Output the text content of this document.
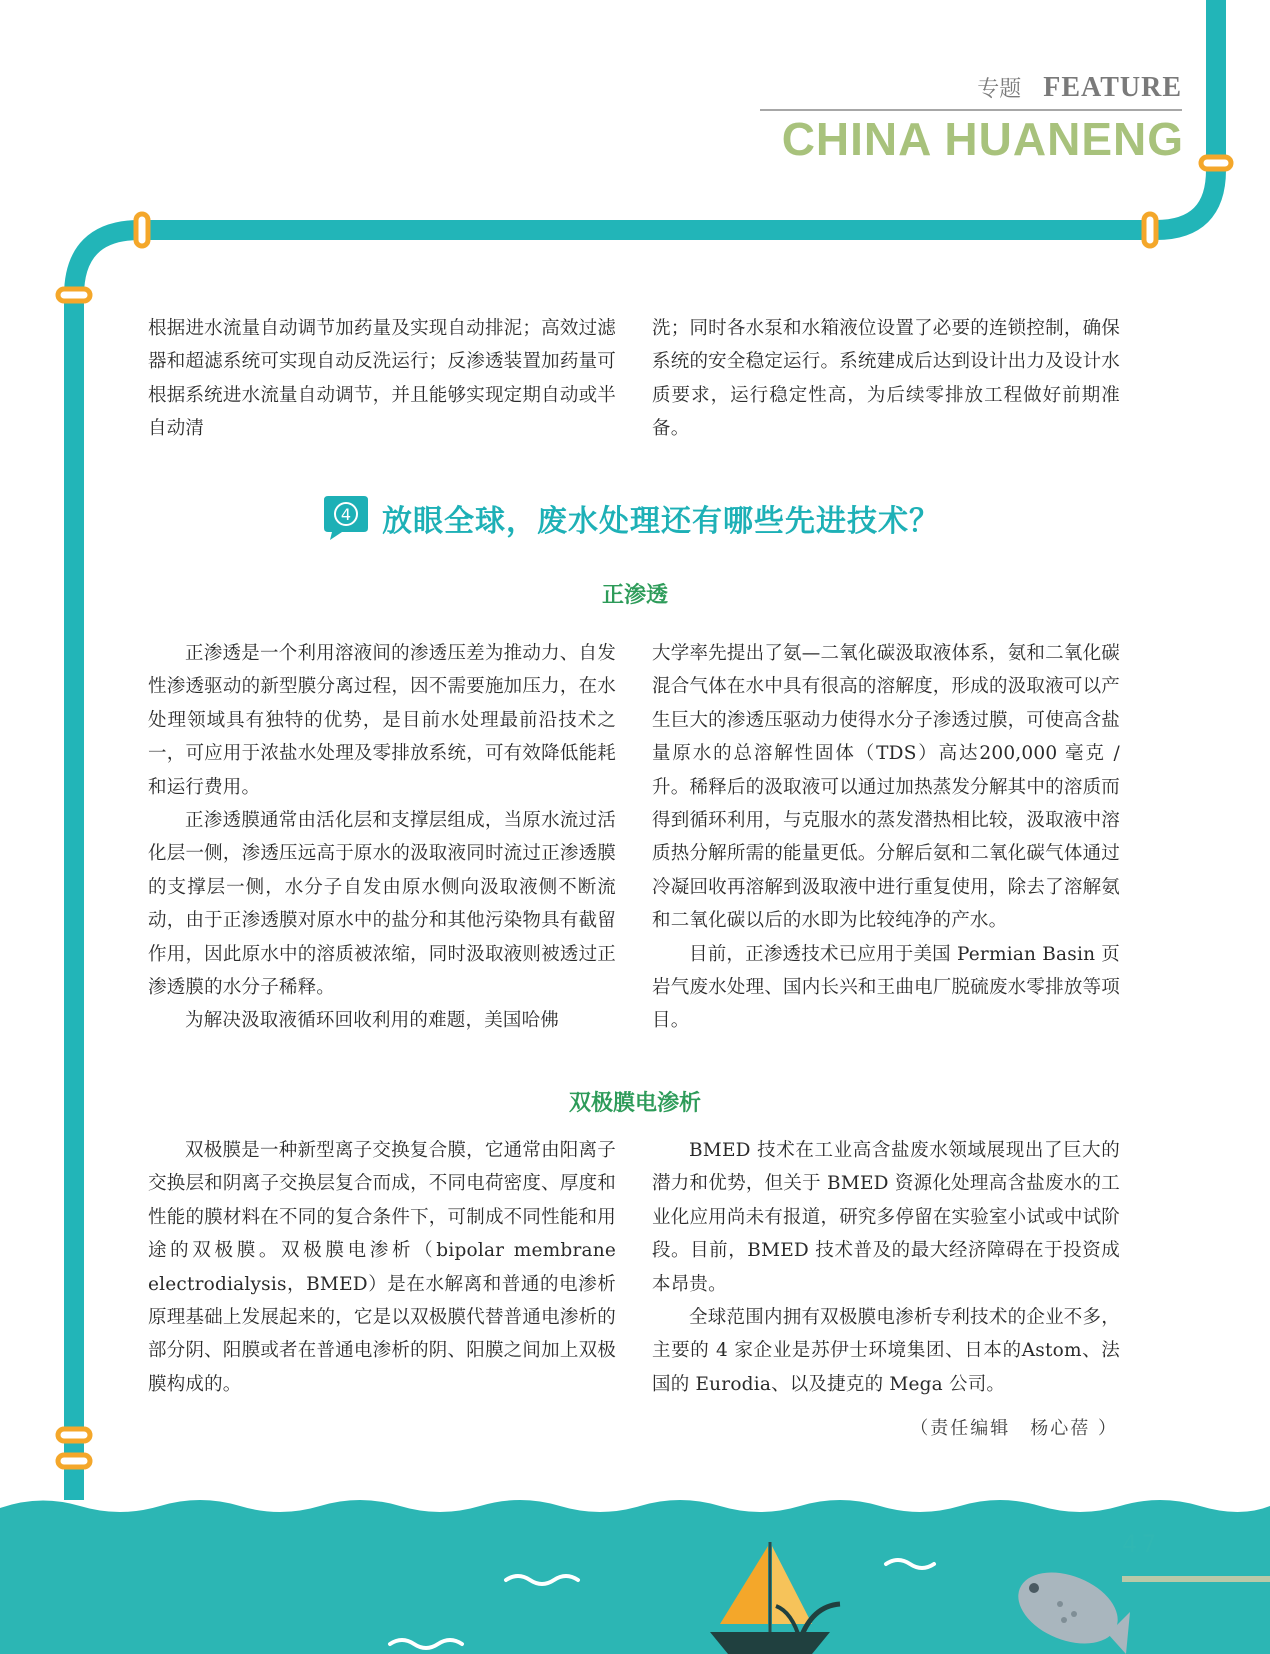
专题 FEATURE
CHINA HUANENG

根据进水流量自动调节加药量及实现自动排泥；高效过滤器和超滤系统可实现自动反洗运行；反渗透装置加药量可根据系统进水流量自动调节，并且能够实现定期自动或半自动清

洗；同时各水泵和水箱液位设置了必要的连锁控制，确保系统的安全稳定运行。系统建成后达到设计出力及设计水质要求，运行稳定性高，为后续零排放工程做好前期准备。

4 放眼全球，废水处理还有哪些先进技术？
正渗透

正渗透是一个利用溶液间的渗透压差为推动力、自发性渗透驱动的新型膜分离过程，因不需要施加压力，在水处理领域具有独特的优势，是目前水处理最前沿技术之一，可应用于浓盐水处理及零排放系统，可有效降低能耗和运行费用。

正渗透膜通常由活化层和支撑层组成，当原水流过活化层一侧，渗透压远高于原水的汲取液同时流过正渗透膜的支撑层一侧，水分子自发由原水侧向汲取液侧不断流动，由于正渗透膜对原水中的盐分和其他污染物具有截留作用，因此原水中的溶质被浓缩，同时汲取液则被透过正渗透膜的水分子稀释。

为解决汲取液循环回收利用的难题，美国哈佛

大学率先提出了氨—二氧化碳汲取液体系，氨和二氧化碳混合气体在水中具有很高的溶解度，形成的汲取液可以产生巨大的渗透压驱动力使得水分子渗透过膜，可使高含盐量原水的总溶解性固体（TDS）高达200,000 毫克 / 升。稀释后的汲取液可以通过加热蒸发分解其中的溶质而得到循环利用，与克服水的蒸发潜热相比较，汲取液中溶质热分解所需的能量更低。分解后氨和二氧化碳气体通过冷凝回收再溶解到汲取液中进行重复使用，除去了溶解氨和二氧化碳以后的水即为比较纯净的产水。

目前，正渗透技术已应用于美国 Permian Basin 页岩气废水处理、国内长兴和王曲电厂脱硫废水零排放等项目。

双极膜电渗析

双极膜是一种新型离子交换复合膜，它通常由阳离子交换层和阴离子交换层复合而成，不同电荷密度、厚度和性能的膜材料在不同的复合条件下，可制成不同性能和用途的双极膜。双极膜电渗析（bipolar membrane electrodialysis，BMED）是在水解离和普通的电渗析原理基础上发展起来的，它是以双极膜代替普通电渗析的部分阴、阳膜或者在普通电渗析的阴、阳膜之间加上双极膜构成的。

BMED 技术在工业高含盐废水领域展现出了巨大的潜力和优势，但关于 BMED 资源化处理高含盐废水的工业化应用尚未有报道，研究多停留在实验室小试或中试阶段。目前，BMED 技术普及的最大经济障碍在于投资成本昂贵。

全球范围内拥有双极膜电渗析专利技术的企业不多，主要的 4 家企业是苏伊士环境集团、日本的Astom、法国的 Eurodia、以及捷克的 Mega 公司。

（责任编辑　杨心蓓 ）

47
